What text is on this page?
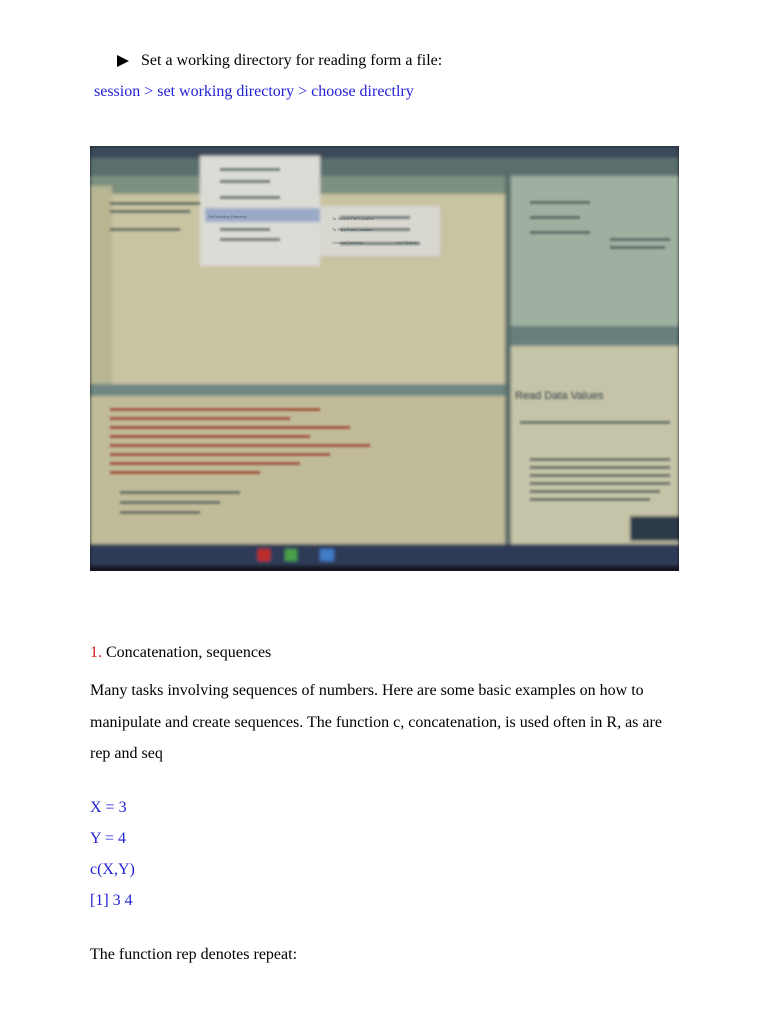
Set a working directory for reading form a file:
session > set working directory > choose directlry
Read Data Values
Set Working Directory	To Source File Location
To Files Pane Location
Choose Directory...	Ctrl+Shift+H
1. Concatenation, sequences
Many tasks involving sequences of numbers. Here are some basic examples on how to manipulate and create sequences. The function c, concatenation, is used often in R, as are rep and seq
X = 3
Y = 4
c(X,Y)
[1] 3 4
The function rep denotes repeat:
